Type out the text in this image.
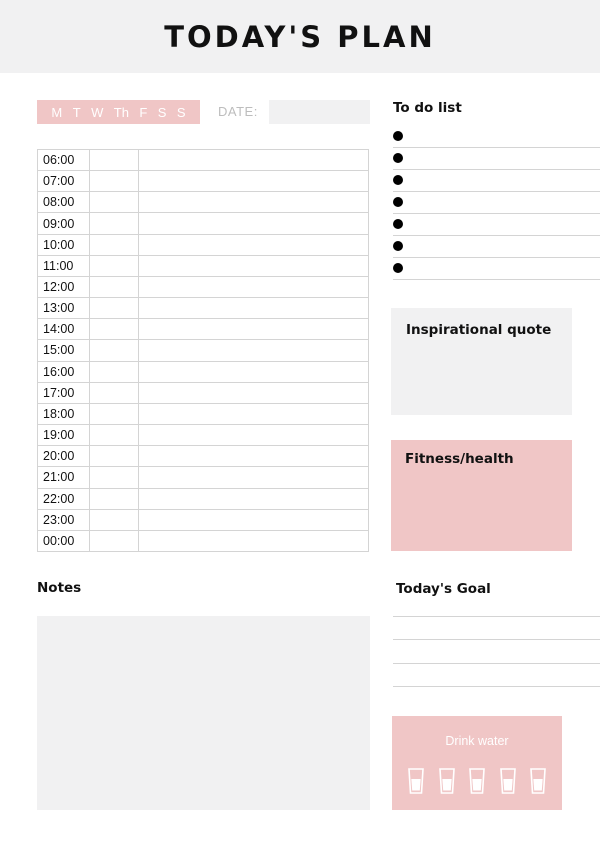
TODAY'S PLAN
M T W Th F S S	DATE:
06:00		
07:00		
08:00		
09:00		
10:00		
11:00		
12:00		
13:00		
14:00		
15:00		
16:00		
17:00		
18:00		
19:00		
20:00		
21:00		
22:00		
23:00		
00:00		
To do list
Inspirational quote
Fitness/health
Notes	Today's Goal
Drink water
